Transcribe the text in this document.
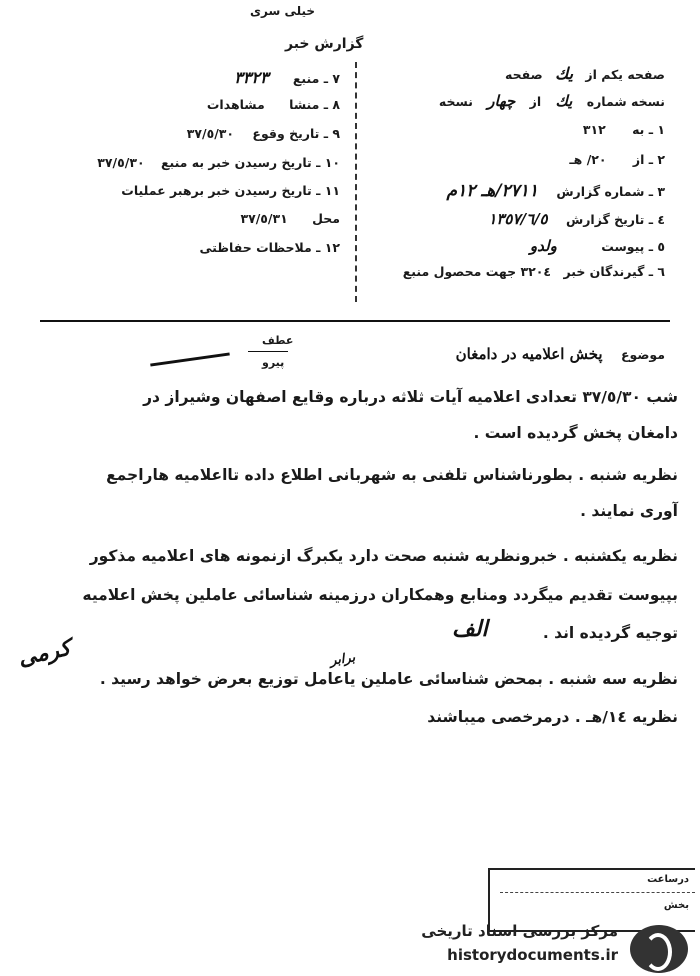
خيلى سرى
گزارش خبر
صفحه يكم از يك صفحه
نسخه شماره يك از چهار نسخه
١ ـ به ٣١٢
٢ ـ از ٢٠/ هـ
٣ ـ شماره گزارش ٢٧١١/هـ ١٢م
٤ ـ تاريخ گزارش ١٣٥٧/٦/٥
٥ ـ پيوست ولدو
٦ ـ گيرندگان خبر ٣٢٠٤ جهت محصول منبع
٧ ـ منبع ٣٣٢٣
٨ ـ منشا مشاهدات
٩ ـ تاريخ وقوع ٣٧/٥/٣٠
١٠ ـ تاريخ رسيدن خبر به منبع ٣٧/٥/٣٠
١١ ـ تاريخ رسيدن خبر برهبر عمليات
محل ٣٧/٥/٣١
١٢ ـ ملاحظات حفاظتى
موضوع پخش اعلاميه در دامغان
عطف
پيرو
شب ٣٧/٥/٣٠ تعدادى اعلاميه آيات ثلاثه درباره وقايع اصفهان وشيراز در
دامغان پخش گرديده است .
نظريه شنبه . بطورناشناس تلفنى به شهربانى اطلاع داده تااعلاميه هاراجمع
آورى نمايند .
نظريه يكشنبه . خبرونظريه شنبه صحت دارد يكبرگ ازنمونه هاى اعلاميه مذكور
بپيوست تقديم ميگردد ومنابع وهمكاران درزمينه شناسائى عاملين پخش اعلاميه
توجيه گرديده اند .
نظريه سه شنبه . بمحض شناسائى عاملين ياعامل توزيع بعرض خواهد رسيد .
نظريه ١٤/هـ . درمرخصى ميباشند
الف
كرمى	برابر
درساعت
بخش
مركز بررسى اسناد تاريخى
historydocuments.ir
